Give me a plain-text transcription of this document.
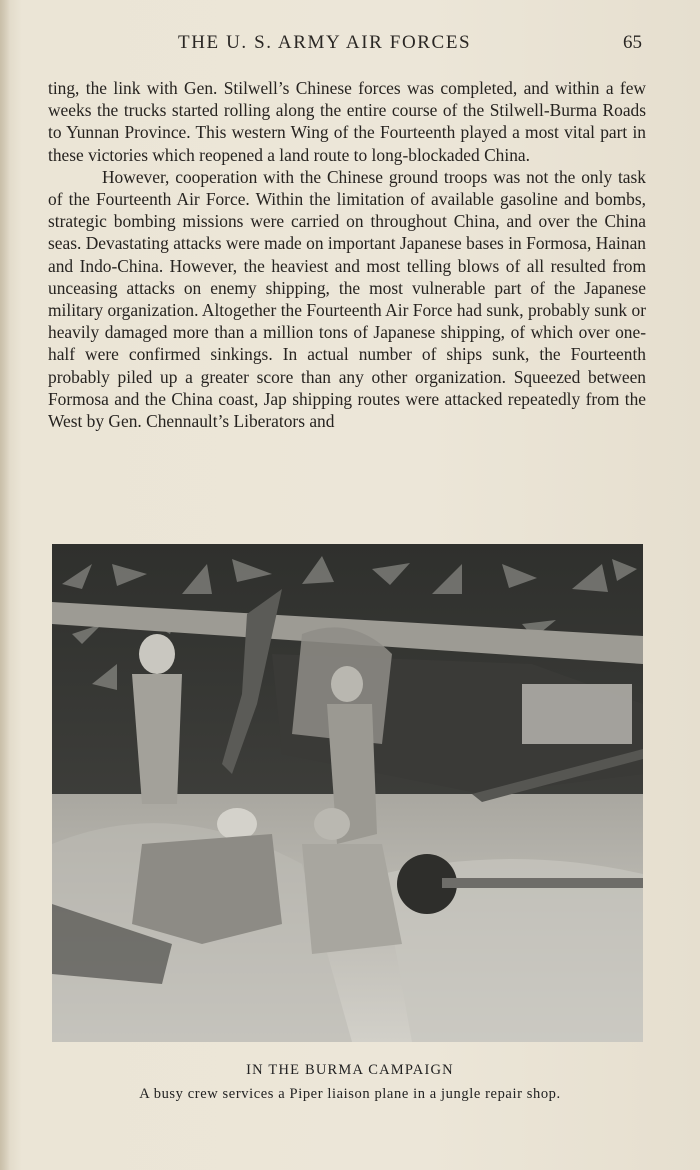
THE U. S. ARMY AIR FORCES	65

ting, the link with Gen. Stilwell’s Chinese forces was completed, and within a few weeks the trucks started rolling along the entire course of the Stilwell-Burma Roads to Yunnan Province. This western Wing of the Fourteenth played a most vital part in these victories which reopened a land route to long-blockaded China.

However, cooperation with the Chinese ground troops was not the only task of the Fourteenth Air Force. Within the limitation of available gasoline and bombs, strategic bombing missions were carried on throughout China, and over the China seas. Devastating attacks were made on important Japanese bases in Formosa, Hainan and Indo-China. However, the heaviest and most telling blows of all resulted from unceasing attacks on enemy shipping, the most vulnerable part of the Japanese military organization. Altogether the Fourteenth Air Force had sunk, probably sunk or heavily damaged more than a million tons of Japanese shipping, of which over one-half were confirmed sinkings. In actual number of ships sunk, the Fourteenth probably piled up a greater score than any other organization. Squeezed between Formosa and the China coast, Jap shipping routes were attacked repeatedly from the West by Gen. Chennault’s Liberators and

IN THE BURMA CAMPAIGN
A busy crew services a Piper liaison plane in a jungle repair shop.
